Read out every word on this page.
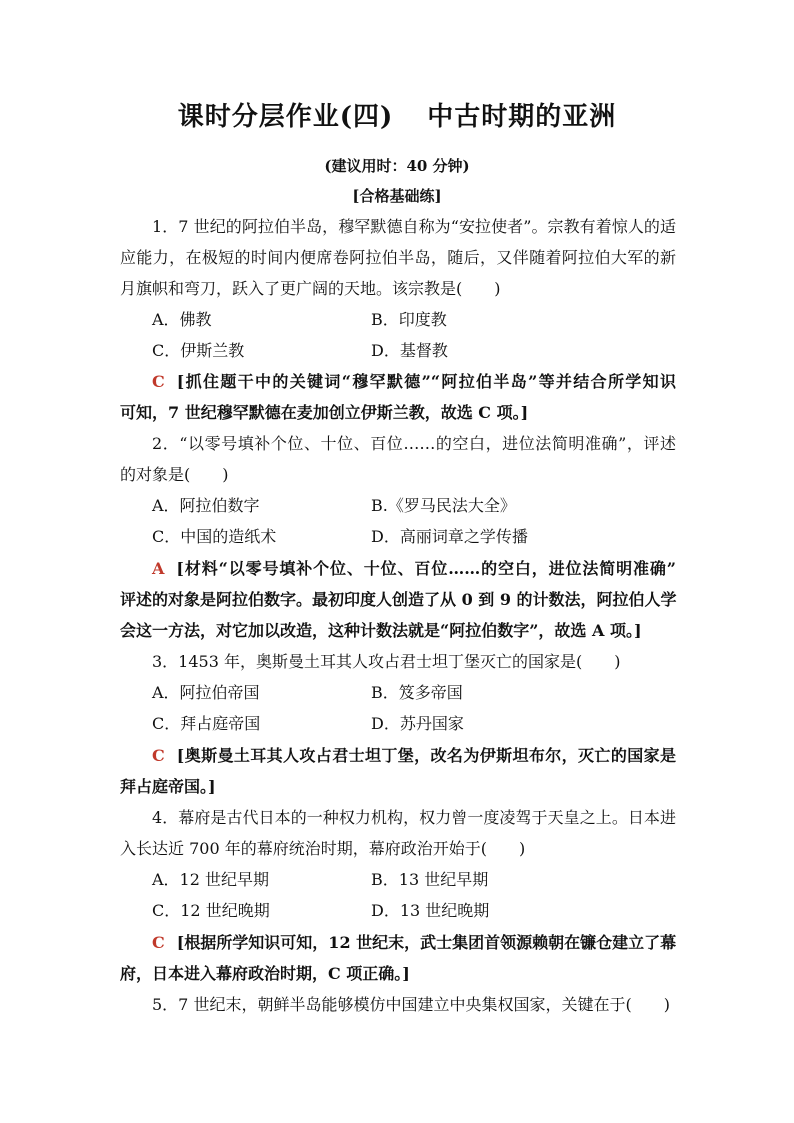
课时分层作业(四) 中古时期的亚洲
(建议用时：40 分钟)
[合格基础练]
1．7 世纪的阿拉伯半岛，穆罕默德自称为“安拉使者”。宗教有着惊人的适
应能力，在极短的时间内便席卷阿拉伯半岛，随后，又伴随着阿拉伯大军的新
月旗帜和弯刀，跃入了更广阔的天地。该宗教是(　　)
A．佛教	B．印度教
C．伊斯兰教	D．基督教
C [抓住题干中的关键词“穆罕默德”“阿拉伯半岛”等并结合所学知识
可知，7 世纪穆罕默德在麦加创立伊斯兰教，故选 C 项。]
2．“以零号填补个位、十位、百位……的空白，进位法简明准确”，评述
的对象是(　　)
A．阿拉伯数字	B.《罗马民法大全》
C．中国的造纸术	D．高丽词章之学传播
A [材料“以零号填补个位、十位、百位……的空白，进位法简明准确”
评述的对象是阿拉伯数字。最初印度人创造了从 0 到 9 的计数法，阿拉伯人学
会这一方法，对它加以改造，这种计数法就是“阿拉伯数字”，故选 A 项。]
3．1453 年，奥斯曼土耳其人攻占君士坦丁堡灭亡的国家是(　　)
A．阿拉伯帝国	B．笈多帝国
C．拜占庭帝国	D．苏丹国家
C [奥斯曼土耳其人攻占君士坦丁堡，改名为伊斯坦布尔，灭亡的国家是
拜占庭帝国。]
4．幕府是古代日本的一种权力机构，权力曾一度凌驾于天皇之上。日本进
入长达近 700 年的幕府统治时期，幕府政治开始于(　　)
A．12 世纪早期	B．13 世纪早期
C．12 世纪晚期	D．13 世纪晚期
C [根据所学知识可知，12 世纪末，武士集团首领源赖朝在镰仓建立了幕
府，日本进入幕府政治时期，C 项正确。]
5．7 世纪末，朝鲜半岛能够模仿中国建立中央集权国家，关键在于(　　)
